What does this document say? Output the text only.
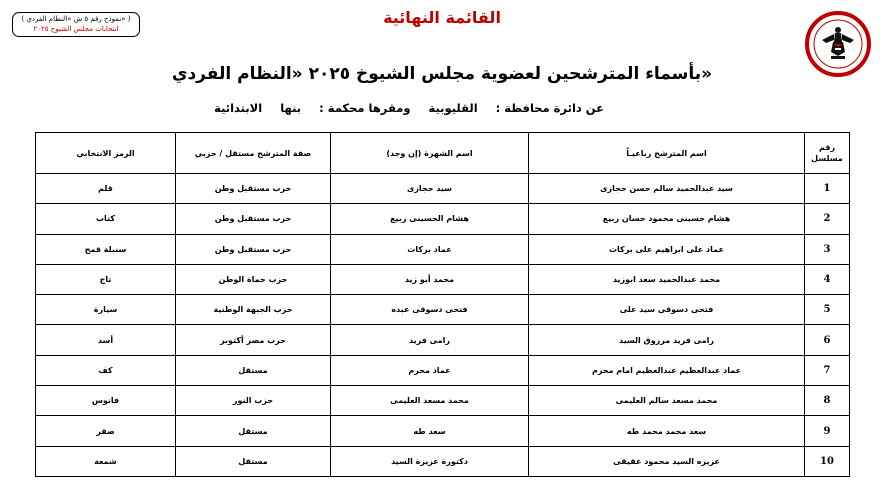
( نموذج رقم ٥ ش «النظام الفردي» )
انتخابات مجلس الشيوخ ٢٠٢٥
القائمة النهائية
بأسماء المترشحين لعضوية مجلس الشيوخ ٢٠٢٥ «النظام الفردي»
عن دائرة محافظة :القليوبيةومقرها محكمة :بنهاالابتدائية
رقم مسلسل	اسم المترشح رباعيـاً	اسم الشهرة (إن وجد)	صفة المترشح مستقل / حزبي	الرمز الانتخابي
1	سيد عبدالحميد سالم حسن حجازى	سيد حجازى	حزب مستقبل وطن	قلم
2	هشام حسينى محمود حسان ربيع	هشام الحسينى ربيع	حزب مستقبل وطن	كتاب
3	عماد على ابراهيم على بركات	عماد بركات	حزب مستقبل وطن	سنبلة قمح
4	محمد عبدالحميد سعد ابوزيد	محمد أبو زيد	حزب حماة الوطن	تاج
5	فتحى دسوقى سيد على	فتحى دسوقى عبده	حزب الجبهة الوطنية	سيارة
6	رامى فريد مرزوق السيد	رامى فريد	حزب مصر أكتوبر	أسد
7	عماد عبدالعظيم عبدالعظيم امام محرم	عماد محرم	مستقل	كف
8	محمد مسعد سالم العليمى	محمد مسعد العليمى	حزب النور	فانوس
9	سعد محمد محمد طه	سعد طه	مستقل	صقر
10	عزيزه السيد محمود عقيقى	دكتورة عزيزة السيد	مستقل	شمعة
